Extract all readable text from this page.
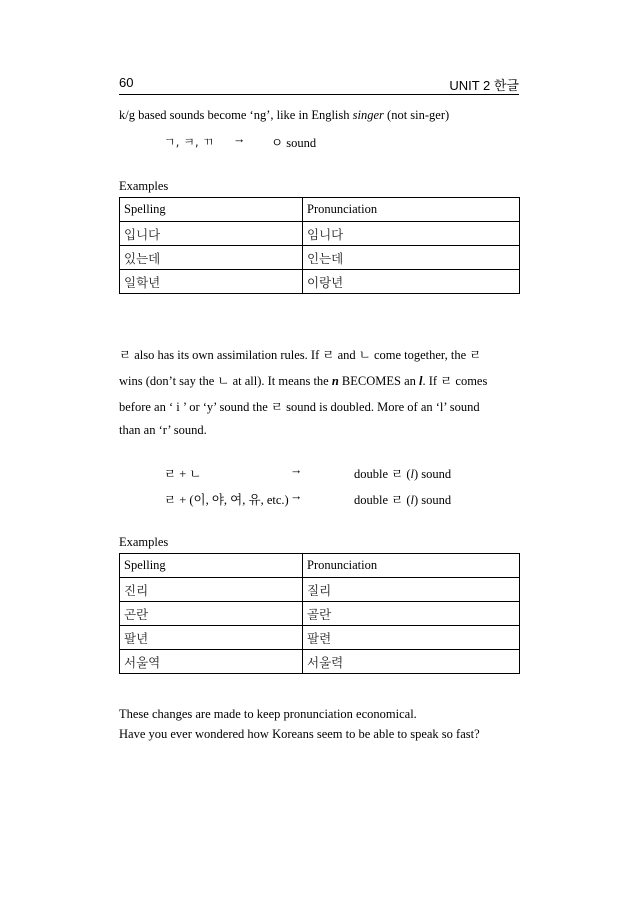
60	UNIT 2 한글
k/g based sounds become ‘ng’, like in English singer (not sin-ger)
ㄱ, ㅋ, ㄲ → ㅇ sound
Examples
Spelling	Pronunciation
입니다	임니다
있는데	인는데
일학년	이랑년
ㄹ also has its own assimilation rules. If ㄹ and ㄴ come together, the ㄹ
wins (don’t say the ㄴ at all). It means the n BECOMES an l. If ㄹ comes
before an ‘ i ’ or ‘y’ sound the ㄹ sound is doubled. More of an ‘l’ sound
than an ‘r’ sound.
ㄹ + ㄴ	→	double ㄹ (l) sound
ㄹ + (이, 야, 여, 유, etc.) →	double ㄹ (l) sound
Examples
Spelling	Pronunciation
진리	질리
곤란	골란
팔년	팔련
서울역	서울력
These changes are made to keep pronunciation economical.
Have you ever wondered how Koreans seem to be able to speak so fast?
